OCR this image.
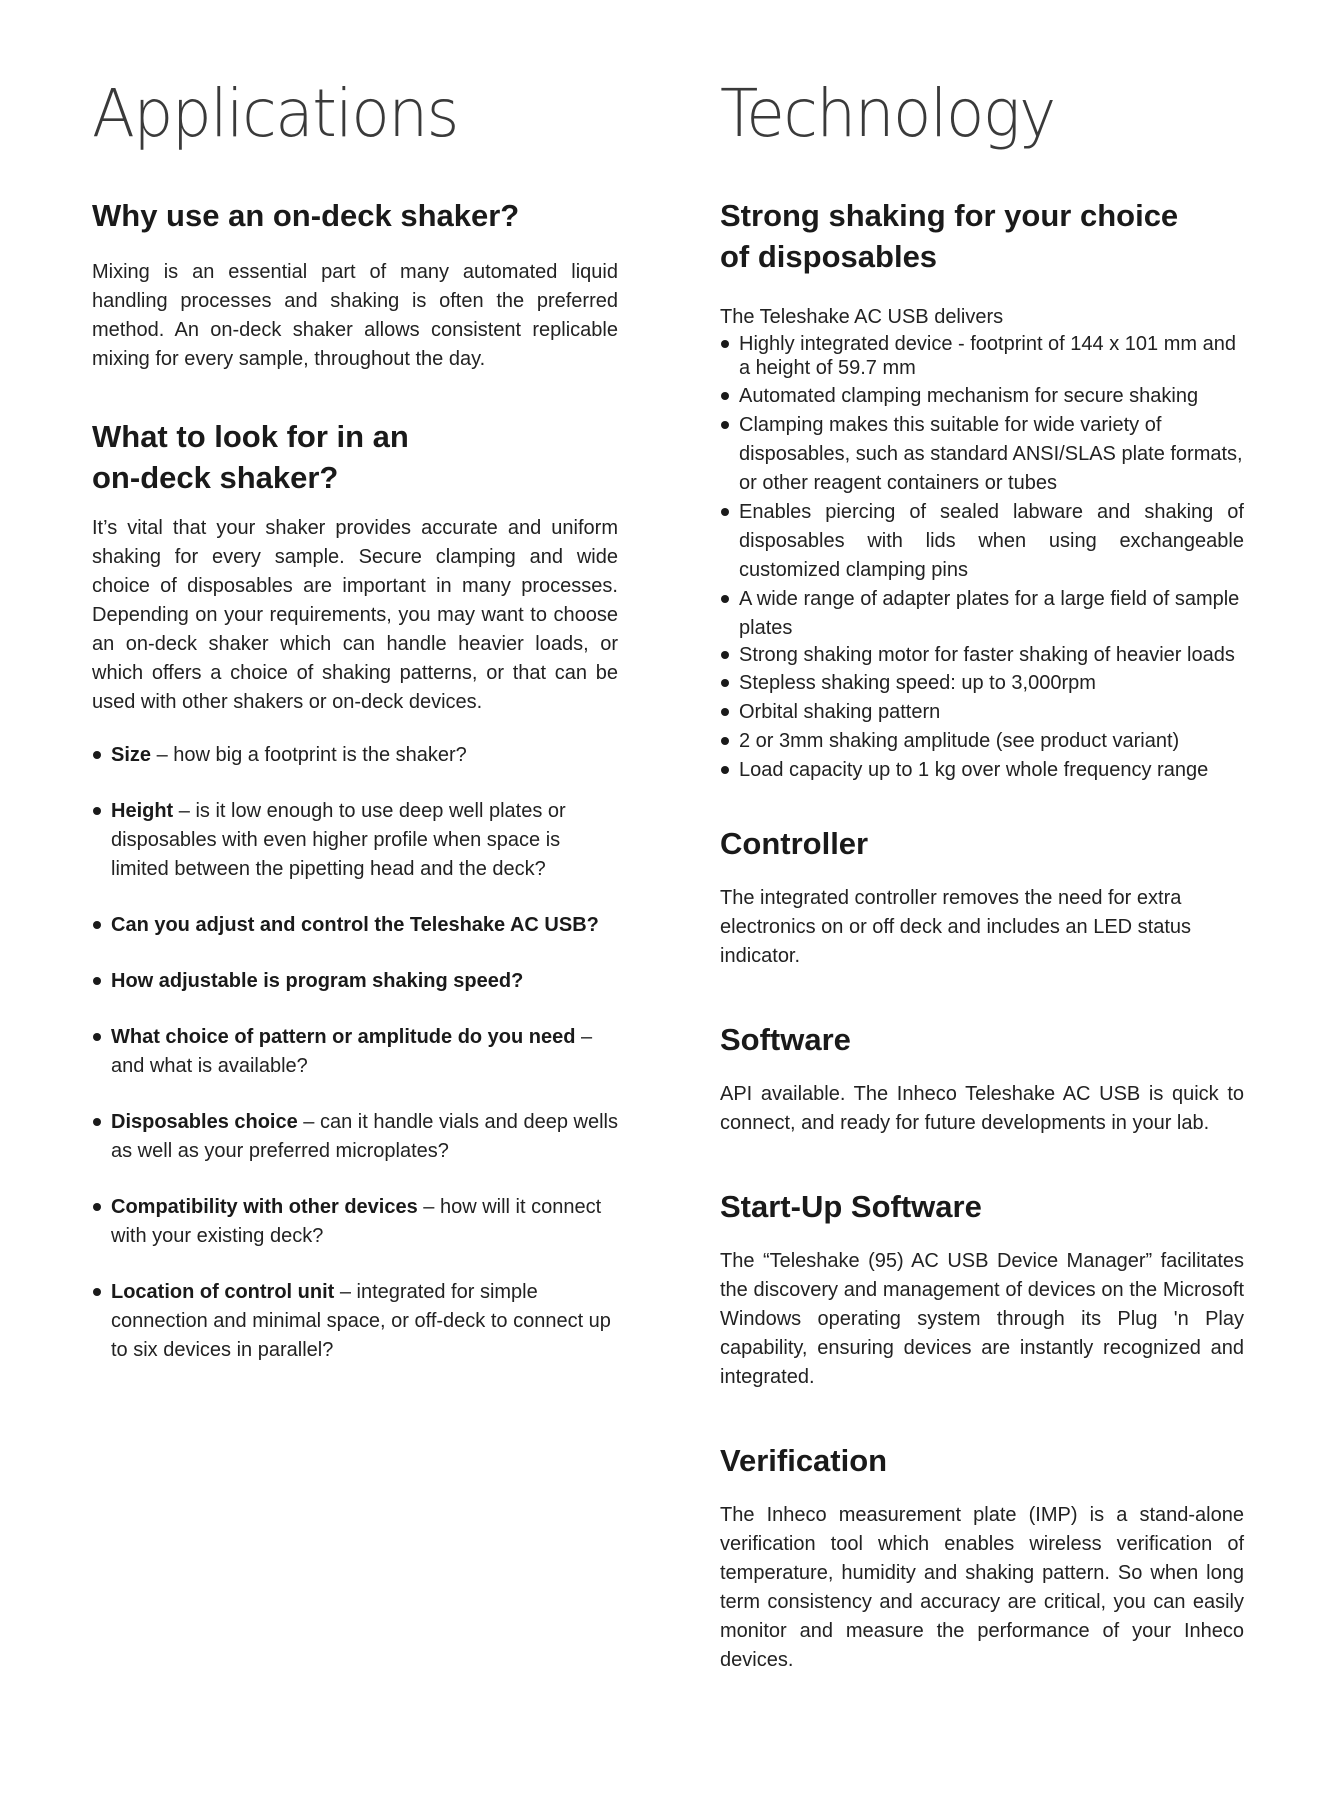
Applications
Why use an on-deck shaker?

Mixing is an essential part of many automated liquid handling processes and shaking is often the preferred method. An on-deck shaker allows consistent replicable mixing for every sample, throughout the day.

What to look for in an
on-deck shaker?

It’s vital that your shaker provides accurate and uniform shaking for every sample. Secure clamping and wide choice of disposables are important in many processes. Depending on your requirements, you may want to choose an on-deck shaker which can handle heavier loads, or which offers a choice of shaking patterns, or that can be used with other shakers or on-deck devices.

Size – how big a footprint is the shaker?
Height – is it low enough to use deep well plates or disposables with even higher profile when space is limited between the pipetting head and the deck?
Can you adjust and control the Teleshake AC USB?
How adjustable is program shaking speed?
What choice of pattern or amplitude do you need – and what is available?
Disposables choice – can it handle vials and deep wells as well as your preferred microplates?
Compatibility with other devices – how will it connect with your existing deck?
Location of control unit – integrated for simple connection and minimal space, or off-deck to connect up to six devices in parallel?
Technology
Strong shaking for your choice
of disposables

The Teleshake AC USB delivers

Highly integrated device - footprint of 144 x 101 mm and a height of 59.7 mm
Automated clamping mechanism for secure shaking
Clamping makes this suitable for wide variety of disposables, such as standard ANSI/SLAS plate formats, or other reagent containers or tubes
Enables piercing of sealed labware and shaking of disposables with lids when using exchangeable customized clamping pins
A wide range of adapter plates for a large field of sample plates
Strong shaking motor for faster shaking of heavier loads
Stepless shaking speed: up to 3,000rpm
Orbital shaking pattern
2 or 3mm shaking amplitude (see product variant)
Load capacity up to 1 kg over whole frequency range
Controller

The integrated controller removes the need for extra electronics on or off deck and includes an LED status indicator.

Software

API available. The Inheco Teleshake AC USB is quick to connect, and ready for future developments in your lab.

Start-Up Software

The “Teleshake (95) AC USB Device Manager” facilitates the discovery and management of devices on the Microsoft Windows operating system through its Plug 'n Play capability, ensuring devices are instantly recognized and integrated.

Verification

The Inheco measurement plate (IMP) is a stand-alone verification tool which enables wireless verification of temperature, humidity and shaking pattern. So when long term consistency and accuracy are critical, you can easily monitor and measure the performance of your Inheco devices.
